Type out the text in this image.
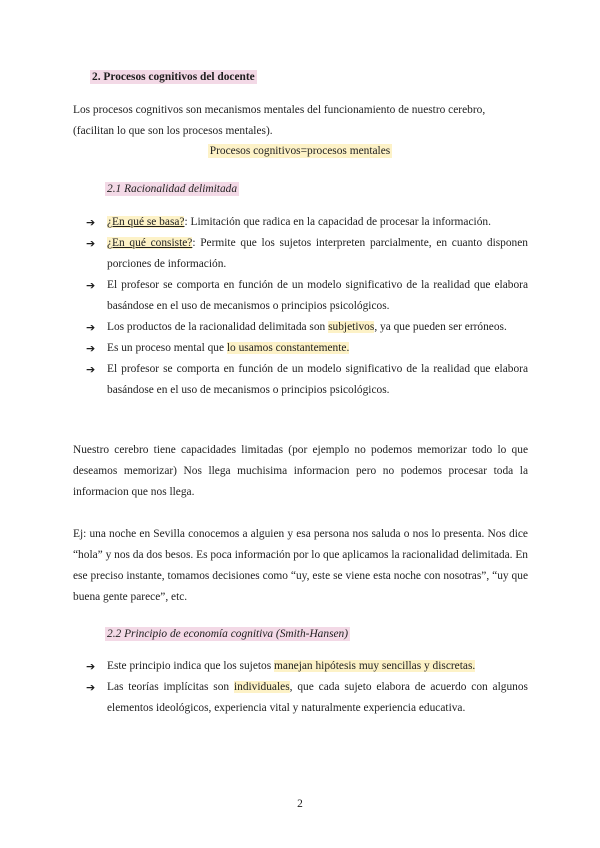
2. Procesos cognitivos del docente

Los procesos cognitivos son mecanismos mentales del funcionamiento de nuestro cerebro,
(facilitan lo que son los procesos mentales).

Procesos cognitivos=procesos mentales
2.1 Racionalidad delimitada
➔ ¿En qué se basa?: Limitación que radica en la capacidad de procesar la información.
➔ ¿En qué consiste?: Permite que los sujetos interpreten parcialmente, en cuanto disponen porciones de información.
➔ El profesor se comporta en función de un modelo significativo de la realidad que elabora basándose en el uso de mecanismos o principios psicológicos.
➔ Los productos de la racionalidad delimitada son subjetivos, ya que pueden ser erróneos.
➔ Es un proceso mental que lo usamos constantemente.
➔ El profesor se comporta en función de un modelo significativo de la realidad que elabora basándose en el uso de mecanismos o principios psicológicos.

Nuestro cerebro tiene capacidades limitadas (por ejemplo no podemos memorizar todo lo que deseamos memorizar) Nos llega muchisima informacion pero no podemos procesar toda la informacion que nos llega.

Ej: una noche en Sevilla conocemos a alguien y esa persona nos saluda o nos lo presenta. Nos dice “hola” y nos da dos besos. Es poca información por lo que aplicamos la racionalidad delimitada. En ese preciso instante, tomamos decisiones como “uy, este se viene esta noche con nosotras”, “uy que buena gente parece”, etc.

2.2 Principio de economía cognitiva (Smith-Hansen)
➔ Este principio indica que los sujetos manejan hipótesis muy sencillas y discretas.
➔ Las teorías implícitas son individuales, que cada sujeto elabora de acuerdo con algunos elementos ideológicos, experiencia vital y naturalmente experiencia educativa.
2
